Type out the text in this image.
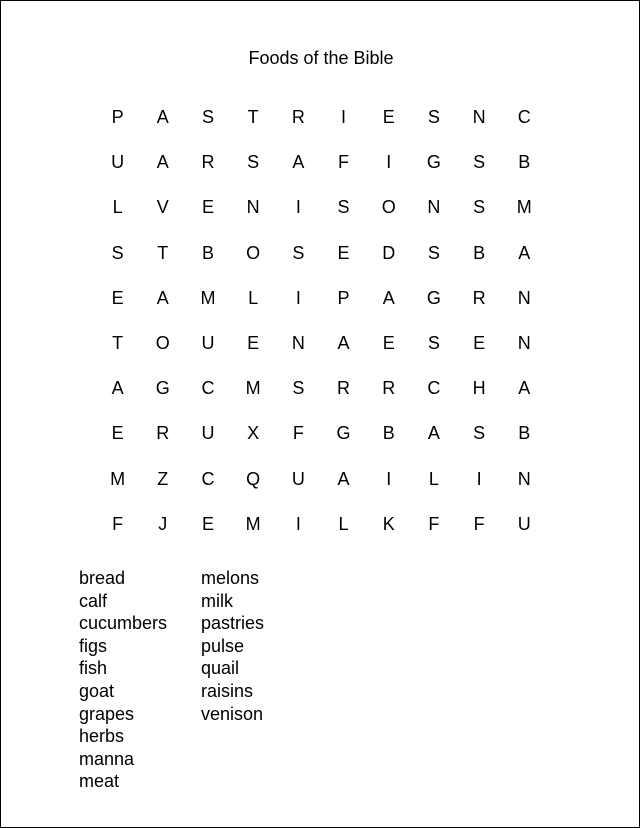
Foods of the Bible
P	A	S	T	R	I	E	S	N	C
U	A	R	S	A	F	I	G	S	B
L	V	E	N	I	S	O	N	S	M
S	T	B	O	S	E	D	S	B	A
E	A	M	L	I	P	A	G	R	N
T	O	U	E	N	A	E	S	E	N
A	G	C	M	S	R	R	C	H	A
E	R	U	X	F	G	B	A	S	B
M	Z	C	Q	U	A	I	L	I	N
F	J	E	M	I	L	K	F	F	U
bread
calf
cucumbers
figs
fish
goat
grapes
herbs
manna
meat
melons
milk
pastries
pulse
quail
raisins
venison
